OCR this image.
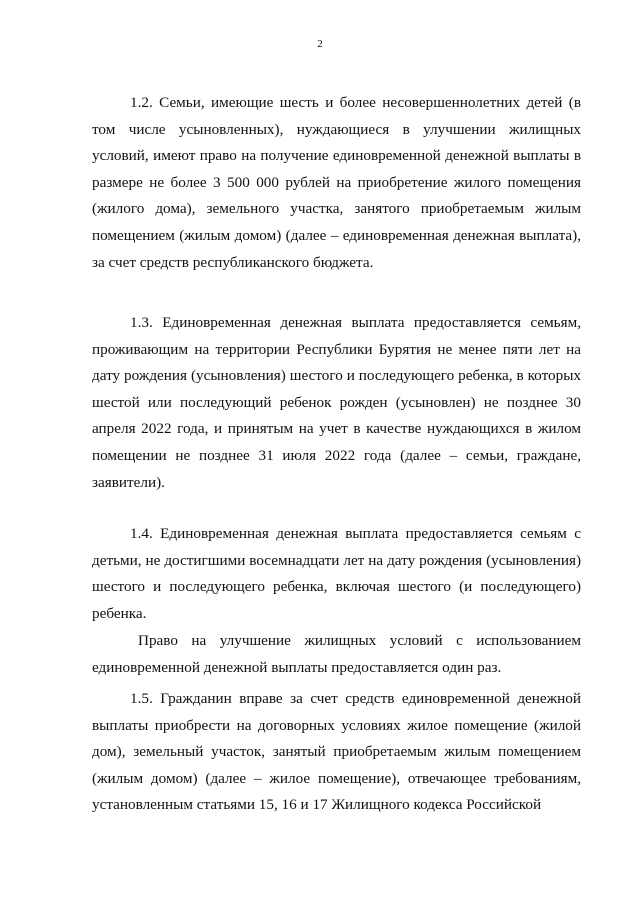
2

1.2. Семьи, имеющие шесть и более несовершеннолетних детей (в том числе усыновленных), нуждающиеся в улучшении жилищных условий, имеют право на получение единовременной денежной выплаты в размере не более 3 500 000 рублей на приобретение жилого помещения (жилого дома), земельного участка, занятого приобретаемым жилым помещением (жилым домом) (далее – единовременная денежная выплата), за счет средств республиканского бюджета.

1.3. Единовременная денежная выплата предоставляется семьям, проживающим на территории Республики Бурятия не менее пяти лет на дату рождения (усыновления) шестого и последующего ребенка, в которых шестой или последующий ребенок рожден (усыновлен) не позднее 30 апреля 2022 года, и принятым на учет в качестве нуждающихся в жилом помещении не позднее 31 июля 2022 года (далее – семьи, граждане, заявители).

1.4. Единовременная денежная выплата предоставляется семьям с детьми, не достигшими восемнадцати лет на дату рождения (усыновления) шестого и последующего ребенка, включая шестого (и последующего) ребенка.

Право на улучшение жилищных условий с использованием единовременной денежной выплаты предоставляется один раз.

1.5. Гражданин вправе за счет средств единовременной денежной выплаты приобрести на договорных условиях жилое помещение (жилой дом), земельный участок, занятый приобретаемым жилым помещением (жилым домом) (далее – жилое помещение), отвечающее требованиям, установленным статьями 15, 16 и 17 Жилищного кодекса Российской
